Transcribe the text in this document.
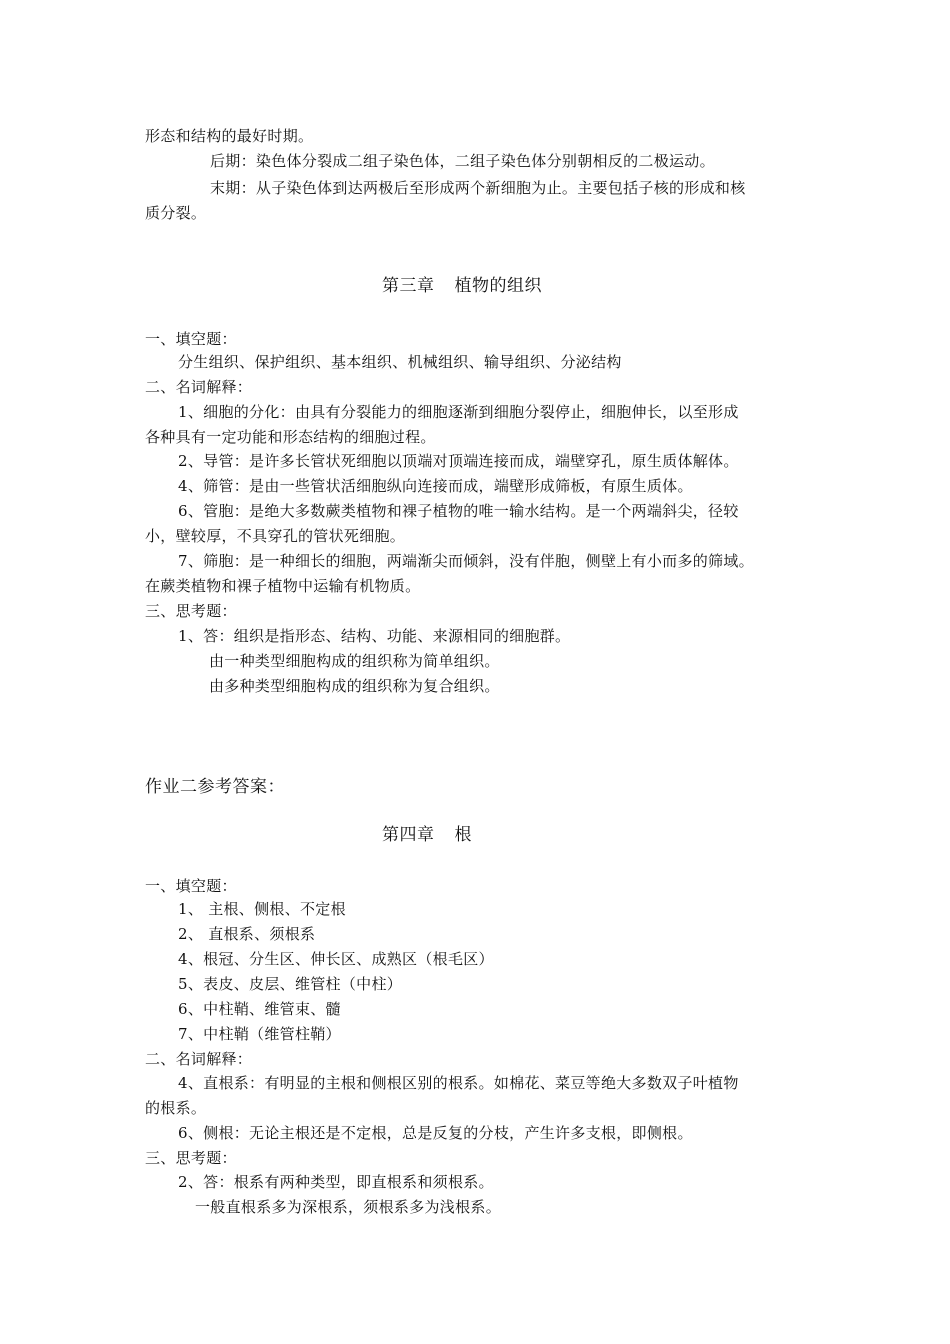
形态和结构的最好时期。
后期：染色体分裂成二组子染色体，二组子染色体分别朝相反的二极运动。
末期：从子染色体到达两极后至形成两个新细胞为止。主要包括子核的形成和核
质分裂。
第三章 植物的组织
一、填空题：
分生组织、保护组织、基本组织、机械组织、输导组织、分泌结构
二、名词解释：
1、细胞的分化：由具有分裂能力的细胞逐渐到细胞分裂停止，细胞伸长，以至形成
各种具有一定功能和形态结构的细胞过程。
2、导管：是许多长管状死细胞以顶端对顶端连接而成，端壁穿孔，原生质体解体。
4、筛管：是由一些管状活细胞纵向连接而成，端壁形成筛板，有原生质体。
6、管胞：是绝大多数蕨类植物和裸子植物的唯一输水结构。是一个两端斜尖，径较
小，壁较厚，不具穿孔的管状死细胞。
7、筛胞：是一种细长的细胞，两端渐尖而倾斜，没有伴胞，侧壁上有小而多的筛域。
在蕨类植物和裸子植物中运输有机物质。
三、思考题：
1、答：组织是指形态、结构、功能、来源相同的细胞群。
由一种类型细胞构成的组织称为简单组织。
由多种类型细胞构成的组织称为复合组织。
作业二参考答案：
第四章 根
一、填空题：
1、 主根、侧根、不定根
2、 直根系、须根系
4、根冠、分生区、伸长区、成熟区（根毛区）
5、表皮、皮层、维管柱（中柱）
6、中柱鞘、维管束、髓
7、中柱鞘（维管柱鞘）
二、名词解释：
4、直根系：有明显的主根和侧根区别的根系。如棉花、菜豆等绝大多数双子叶植物
的根系。
6、侧根：无论主根还是不定根，总是反复的分枝，产生许多支根，即侧根。
三、思考题：
2、答：根系有两种类型，即直根系和须根系。
一般直根系多为深根系，须根系多为浅根系。
